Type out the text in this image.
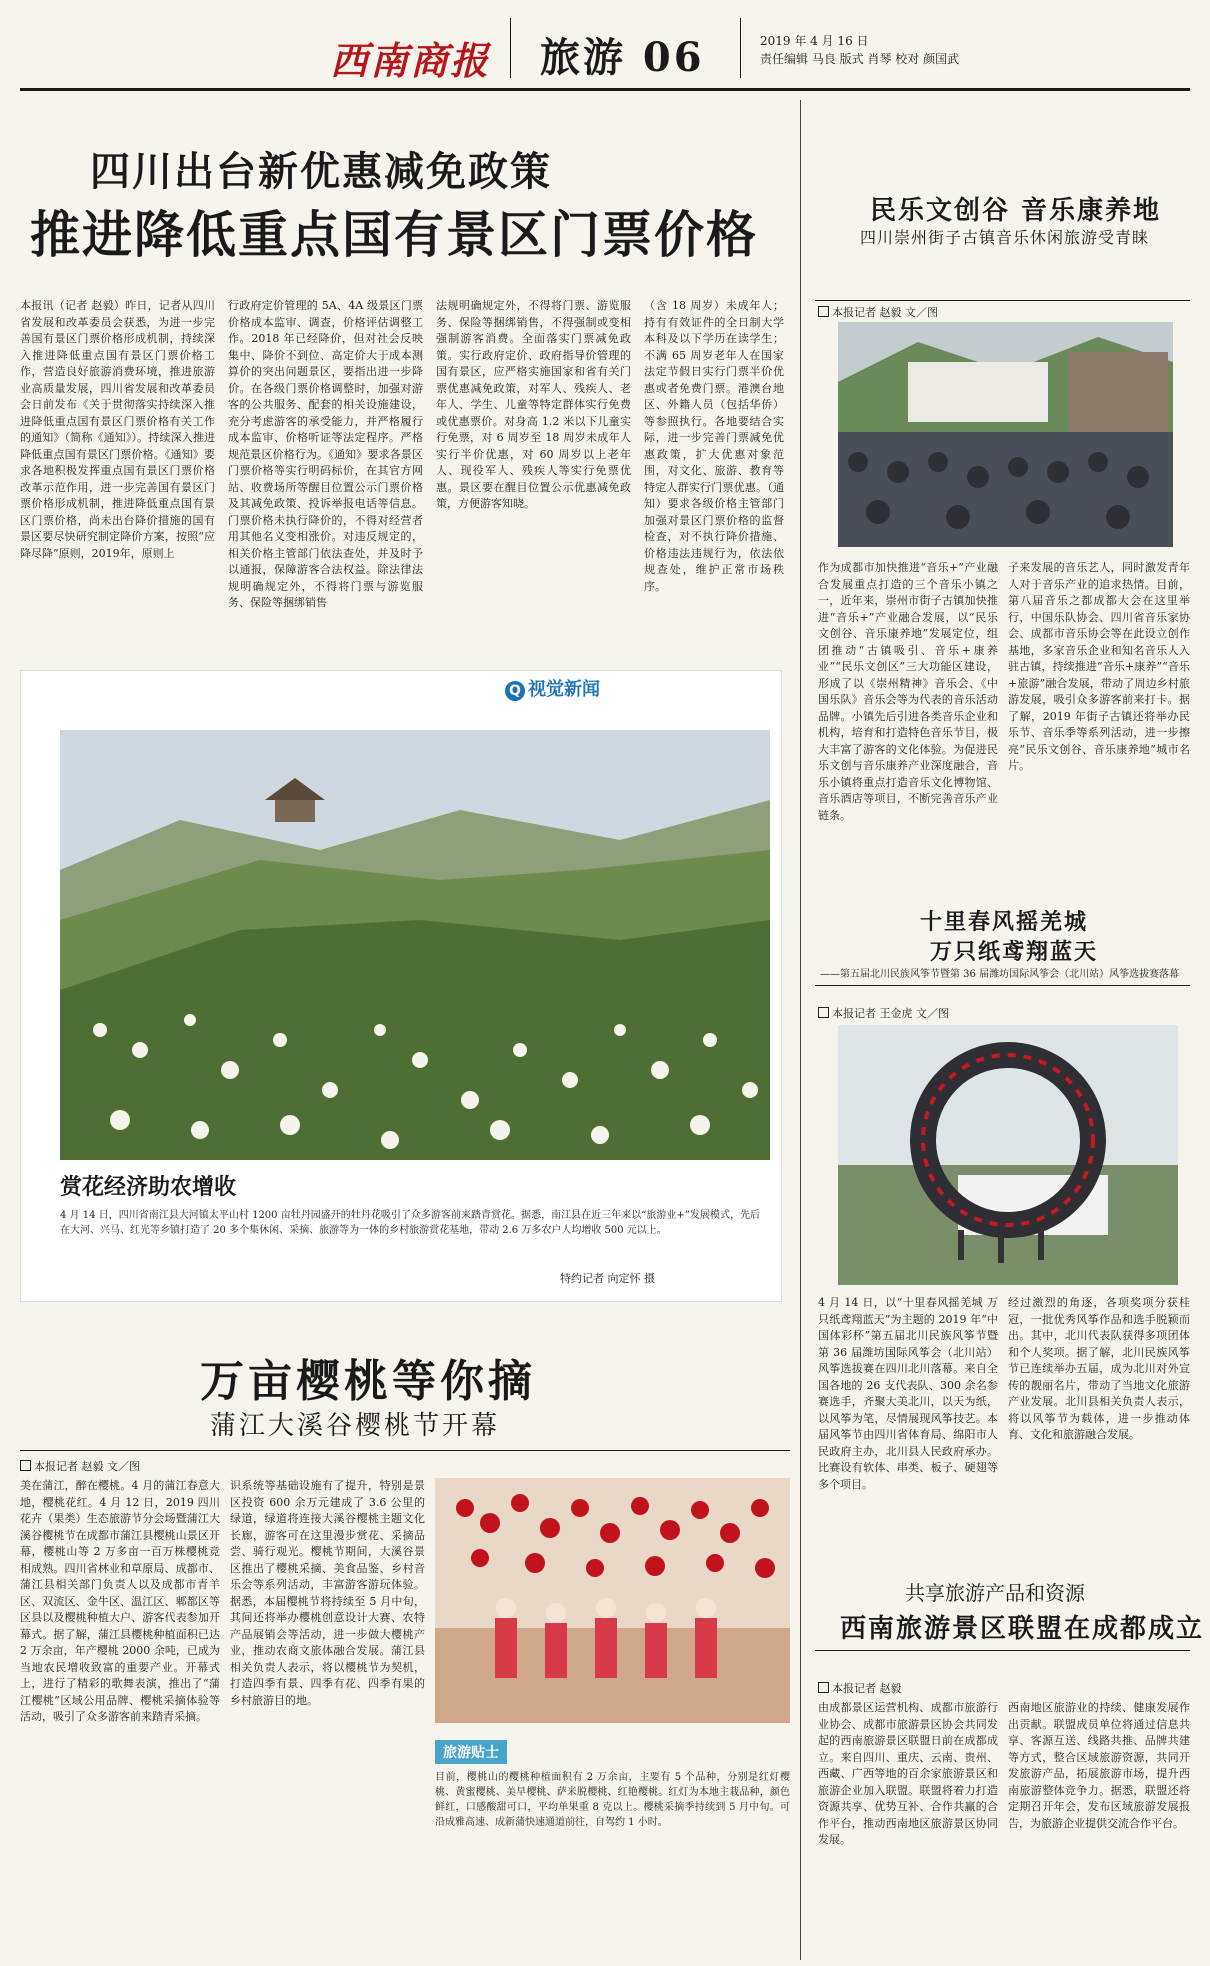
西南商报 旅游 06	2019 年 4 月 16 日
责任编辑 马良 版式 肖琴 校对 颜国武
四川出台新优惠减免政策
推进降低重点国有景区门票价格
本报讯（记者 赵毅）昨日，记者从四川省发展和改革委员会获悉，为进一步完善国有景区门票价格形成机制，持续深入推进降低重点国有景区门票价格工作，营造良好旅游消费环境，推进旅游业高质量发展，四川省发展和改革委员会日前发布《关于贯彻落实持续深入推进降低重点国有景区门票价格有关工作的通知》（简称《通知》）。持续深入推进降低重点国有景区门票价格。《通知》要求各地积极发挥重点国有景区门票价格改革示范作用，进一步完善国有景区门票价格形成机制，推进降低重点国有景区门票价格，尚未出台降价措施的国有景区要尽快研究制定降价方案，按照“应降尽降”原则，2019年，原则上
行政府定价管理的 5A、4A 级景区门票价格成本监审、调查，价格评估调整工作。2018 年已经降价，但对社会反映集中、降价不到位、高定价大于成本测算价的突出问题景区，要指出进一步降价。在各级门票价格调整时，加强对游客的公共服务、配套的相关设施建设，充分考虑游客的承受能力，并严格履行成本监审、价格听证等法定程序。严格规范景区价格行为。《通知》要求各景区门票价格等实行明码标价，在其官方网站、收费场所等醒目位置公示门票价格及其减免政策、投诉举报电话等信息。门票价格未执行降价的，不得对经营者用其他名义变相涨价。对违反规定的，相关价格主管部门依法查处，并及时予以通报，保障游客合法权益。除法律法规明确规定外，不得将门票与游览服务、保险等捆绑销售
法规明确规定外，不得将门票、游览服务、保险等捆绑销售，不得强制或变相强制游客消费。全面落实门票减免政策。实行政府定价、政府指导价管理的国有景区，应严格实施国家和省有关门票优惠减免政策，对军人、残疾人、老年人、学生、儿童等特定群体实行免费或优惠票价。对身高 1.2 米以下儿童实行免票，对 6 周岁至 18 周岁未成年人实行半价优惠，对 60 周岁以上老年人、现役军人、残疾人等实行免票优惠。景区要在醒目位置公示优惠减免政策，方便游客知晓。
（含 18 周岁）未成年人；持有有效证件的全日制大学本科及以下学历在读学生；不满 65 周岁老年人在国家法定节假日实行门票半价优惠或者免费门票。港澳台地区、外籍人员（包括华侨）等参照执行。各地要结合实际，进一步完善门票减免优惠政策，扩大优惠对象范围，对文化、旅游、教育等特定人群实行门票优惠。（通知）要求各级价格主管部门加强对景区门票价格的监督检查，对不执行降价措施、价格违法违规行为，依法依规查处，维护正常市场秩序。
Q 视觉新闻
赏花经济助农增收
4 月 14 日，四川省南江县大河镇太平山村 1200 亩牡丹园盛开的牡丹花吸引了众多游客前来踏青赏花。据悉，南江县在近三年来以“旅游业+”发展模式，先后在大河、兴马、红光等乡镇打造了 20 多个集休闲、采摘、旅游等为一体的乡村旅游赏花基地，带动 2.6 万多农户人均增收 500 元以上。
特约记者 向定怀 摄
万亩樱桃等你摘
蒲江大溪谷樱桃节开幕
本报记者 赵毅 文／图
美在蒲江，醉在樱桃。4 月的蒲江春意大地，樱桃花红。4 月 12 日，2019 四川花卉（果类）生态旅游节分会场暨蒲江大溪谷樱桃节在成都市蒲江县樱桃山景区开幕，樱桃山等 2 万多亩一百万株樱桃竞相成熟。四川省林业和草原局、成都市、蒲江县相关部门负责人以及成都市青羊区、双流区、金牛区、温江区、郫都区等区县以及樱桃种植大户、游客代表参加开幕式。据了解，蒲江县樱桃种植面积已达 2 万余亩，年产樱桃 2000 余吨，已成为当地农民增收致富的重要产业。开幕式上，进行了精彩的歌舞表演，推出了“蒲江樱桃”区域公用品牌、樱桃采摘体验等活动，吸引了众多游客前来踏青采摘。
识系统等基础设施有了提升，特别是景区投资 600 余万元建成了 3.6 公里的绿道，绿道将连接大溪谷樱桃主题文化长廊，游客可在这里漫步赏花、采摘品尝、骑行观光。樱桃节期间，大溪谷景区推出了樱桃采摘、美食品鉴、乡村音乐会等系列活动，丰富游客游玩体验。据悉，本届樱桃节将持续至 5 月中旬，其间还将举办樱桃创意设计大赛、农特产品展销会等活动，进一步做大樱桃产业，推动农商文旅体融合发展。蒲江县相关负责人表示，将以樱桃节为契机，打造四季有景、四季有花、四季有果的乡村旅游目的地。
旅游贴士
目前，樱桃山的樱桃种植面积有 2 万余亩，主要有 5 个品种，分别是红灯樱桃、黄蜜樱桃、美早樱桃、萨米脱樱桃、红艳樱桃。红灯为本地主栽品种，颜色鲜红，口感酸甜可口，平均单果重 8 克以上。樱桃采摘季持续到 5 月中旬。可沿成雅高速、成新蒲快速通道前往，自驾约 1 小时。
民乐文创谷 音乐康养地
四川崇州街子古镇音乐休闲旅游受青睐
本报记者 赵毅 文／图
作为成都市加快推进“音乐+”产业融合发展重点打造的三个音乐小镇之一，近年来，崇州市街子古镇加快推进“音乐+”产业融合发展，以“民乐文创谷、音乐康养地”发展定位，组团推动“古镇吸引、音乐+康养业”“民乐文创区”三大功能区建设，形成了以《崇州精神》音乐会、《中国乐队》音乐会等为代表的音乐活动品牌。小镇先后引进各类音乐企业和机构，培育和打造特色音乐节目，极大丰富了游客的文化体验。为促进民乐文创与音乐康养产业深度融合，音乐小镇将重点打造音乐文化博物馆、音乐酒店等项目，不断完善音乐产业链条。
子来发展的音乐艺人，同时激发青年人对于音乐产业的追求热情。目前，第八届音乐之都成都大会在这里举行，中国乐队协会、四川省音乐家协会、成都市音乐协会等在此设立创作基地，多家音乐企业和知名音乐人入驻古镇，持续推进“音乐+康养”“音乐+旅游”融合发展，带动了周边乡村旅游发展，吸引众多游客前来打卡。据了解，2019 年街子古镇还将举办民乐节、音乐季等系列活动，进一步擦亮“民乐文创谷、音乐康养地”城市名片。
十里春风摇羌城
万只纸鸢翔蓝天
——第五届北川民族风筝节暨第 36 届潍坊国际风筝会（北川站）风筝选拔赛落幕
本报记者 王金虎 文／图
4 月 14 日，以“十里春风摇羌城 万只纸鸢翔蓝天”为主题的 2019 年“中国体彩杯”第五届北川民族风筝节暨第 36 届潍坊国际风筝会（北川站）风筝选拔赛在四川北川落幕。来自全国各地的 26 支代表队、300 余名参赛选手，齐聚大美北川，以天为纸，以风筝为笔，尽情展现风筝技艺。本届风筝节由四川省体育局、绵阳市人民政府主办，北川县人民政府承办。比赛设有软体、串类、板子、硬翅等多个项目。
经过激烈的角逐，各项奖项分获桂冠，一批优秀风筝作品和选手脱颖而出。其中，北川代表队获得多项团体和个人奖项。据了解，北川民族风筝节已连续举办五届，成为北川对外宣传的靓丽名片，带动了当地文化旅游产业发展。北川县相关负责人表示，将以风筝节为载体，进一步推动体育、文化和旅游融合发展。
共享旅游产品和资源
西南旅游景区联盟在成都成立
本报记者 赵毅
由成都景区运营机构、成都市旅游行业协会、成都市旅游景区协会共同发起的西南旅游景区联盟日前在成都成立。来自四川、重庆、云南、贵州、西藏、广西等地的百余家旅游景区和旅游企业加入联盟。联盟将着力打造资源共享、优势互补、合作共赢的合作平台，推动西南地区旅游景区协同发展。
西南地区旅游业的持续、健康发展作出贡献。联盟成员单位将通过信息共享、客源互送、线路共推、品牌共建等方式，整合区域旅游资源，共同开发旅游产品，拓展旅游市场，提升西南旅游整体竞争力。据悉，联盟还将定期召开年会，发布区域旅游发展报告，为旅游企业提供交流合作平台。
